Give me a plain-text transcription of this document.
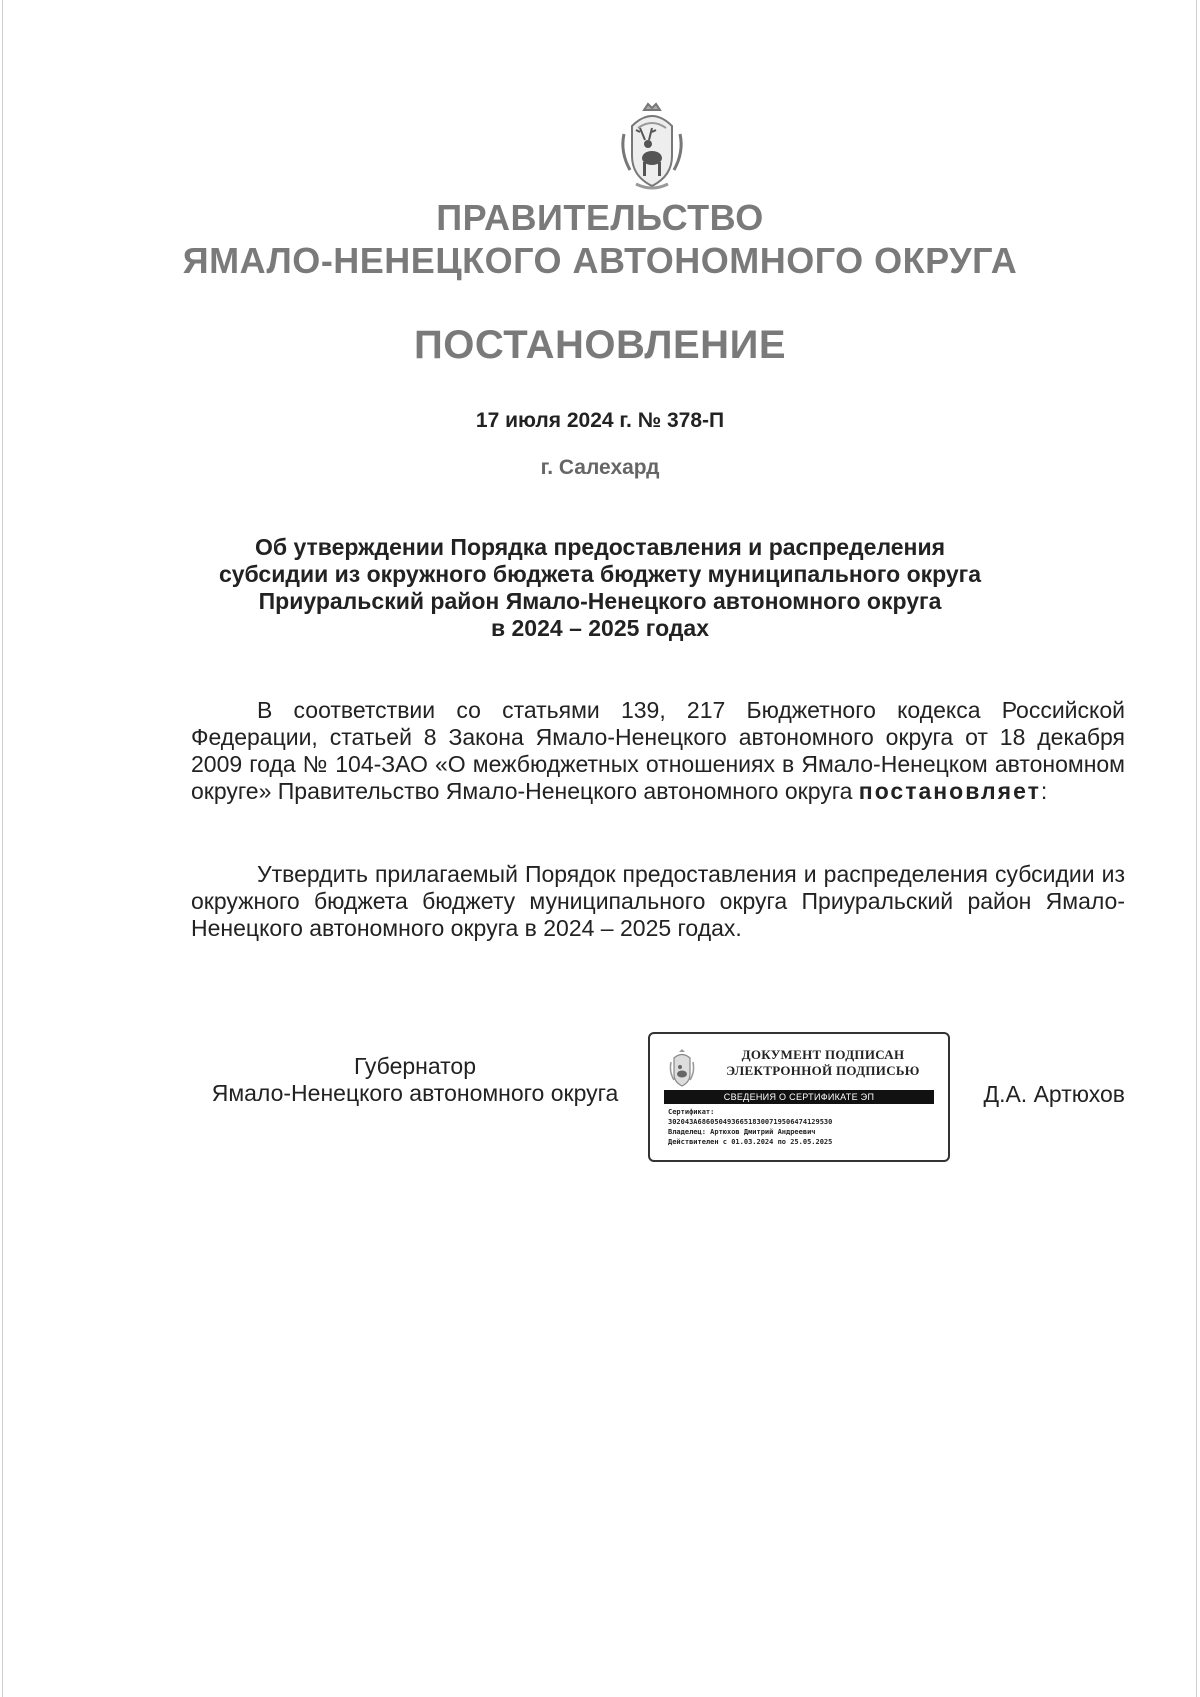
ПРАВИТЕЛЬСТВО
ЯМАЛО-НЕНЕЦКОГО АВТОНОМНОГО ОКРУГА
ПОСТАНОВЛЕНИЕ
17 июля 2024 г. № 378-П
г. Салехард
Об утверждении Порядка предоставления и распределения
субсидии из окружного бюджета бюджету муниципального округа
Приуральский район Ямало-Ненецкого автономного округа
в 2024 – 2025 годах
В соответствии со статьями 139, 217 Бюджетного кодекса Российской Федерации, статьей 8 Закона Ямало-Ненецкого автономного округа от 18 декабря 2009 года № 104-ЗАО «О межбюджетных отношениях в Ямало-Ненецком автономном округе» Правительство Ямало-Ненецкого автономного округа постановляет:
Утвердить прилагаемый Порядок предоставления и распределения субсидии из окружного бюджета бюджету муниципального округа Приуральский район Ямало-Ненецкого автономного округа в 2024 – 2025 годах.
Губернатор
Ямало-Ненецкого автономного округа
ДОКУМЕНТ ПОДПИСАН
ЭЛЕКТРОННОЙ ПОДПИСЬЮ
СВЕДЕНИЯ О СЕРТИФИКАТЕ ЭП
Сертификат:
302043A68605049366518300719506474129530
Владелец: Артюхов Дмитрий Андреевич
Действителен с 01.03.2024 по 25.05.2025
Д.А. Артюхов
